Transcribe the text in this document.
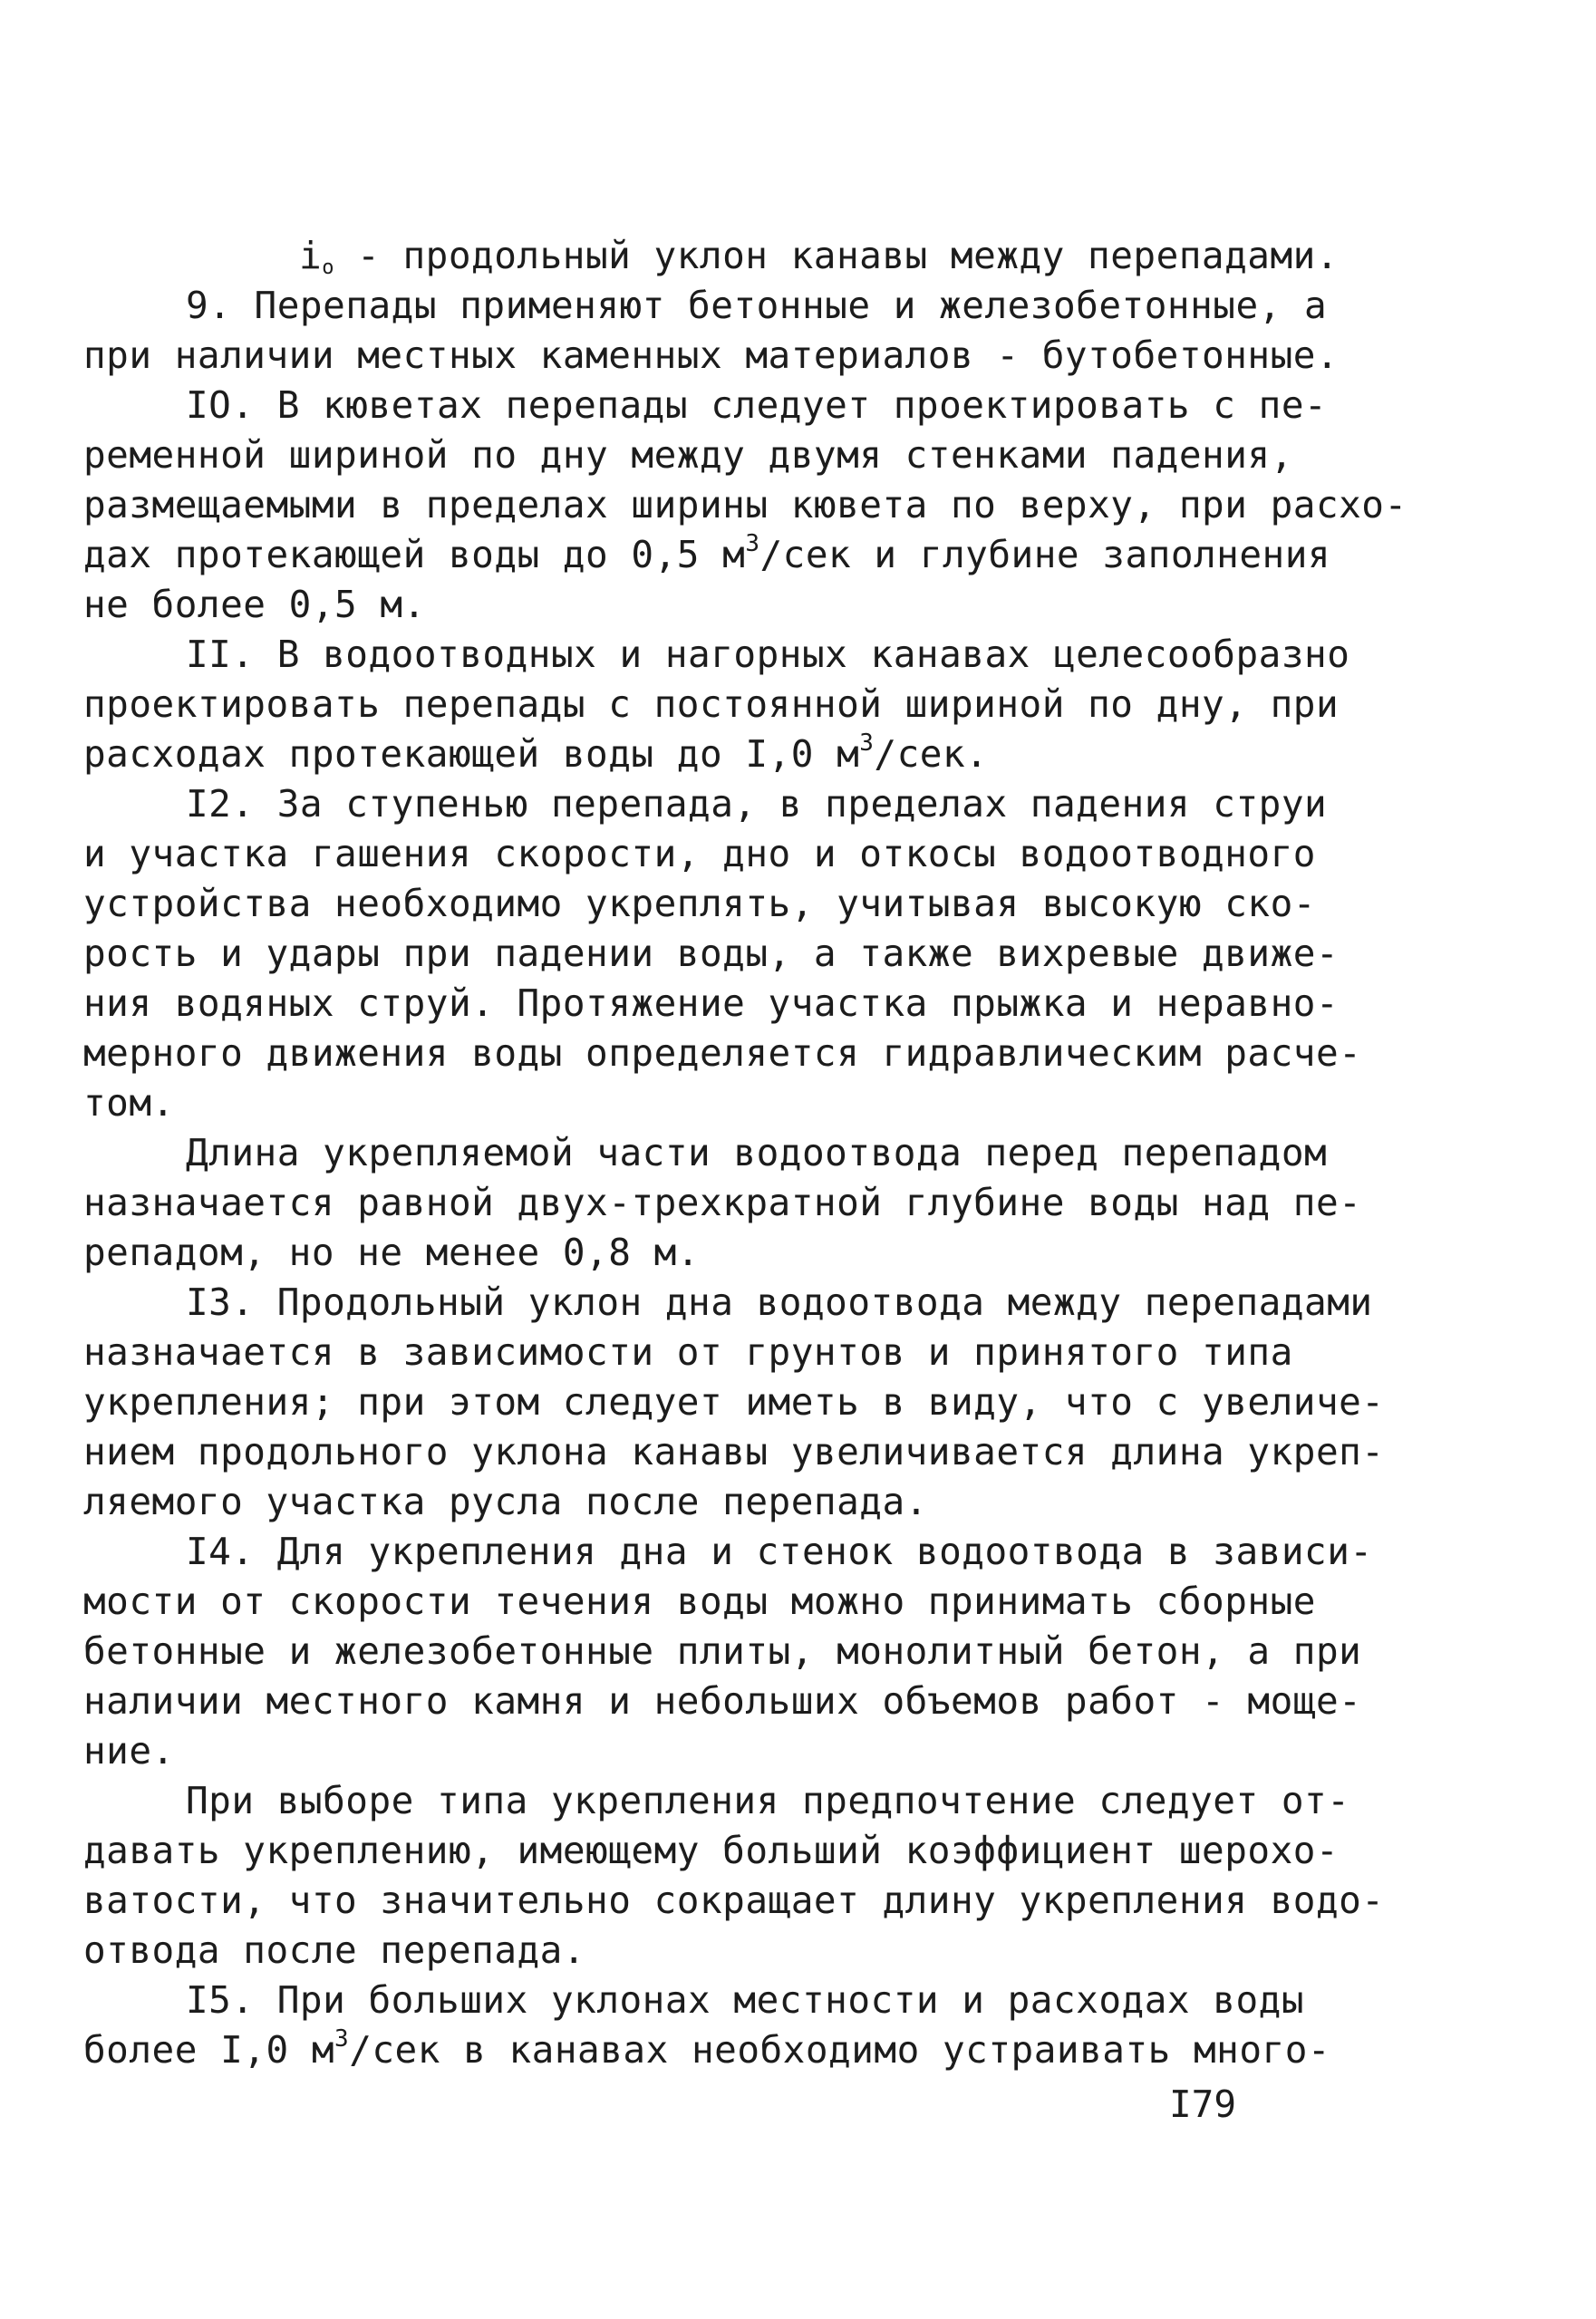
$i_o$ - продольный уклон канавы между перепадами.
9. Перепады применяют бетонные и железобетонные, а
при наличии местных каменных материалов - бутобетонные.
IO. В кюветах перепады следует проектировать с пе-
ременной шириной по дну между двумя стенками падения,
размещаемыми в пределах ширины кювета по верху, при расхо-
дах протекающей воды до 0,5 $м^3$/сек и глубине заполнения
не более 0,5 м.
II. В водоотводных и нагорных канавах целесообразно
проектировать перепады с постоянной шириной по дну, при
расходах протекающей воды до I,0 $м^3$/сек.
I2. За ступенью перепада, в пределах падения струи
и участка гашения скорости, дно и откосы водоотводного
устройства необходимо укреплять, учитывая высокую ско-
рость и удары при падении воды, а также вихревые движе-
ния водяных струй. Протяжение участка прыжка и неравно-
мерного движения воды определяется гидравлическим расче-
том.
Длина укрепляемой части водоотвода перед перепадом
назначается равной двух-трехкратной глубине воды над пе-
репадом, но не менее 0,8 м.
I3. Продольный уклон дна водоотвода между перепадами
назначается в зависимости от грунтов и принятого типа
укрепления; при этом следует иметь в виду, что с увеличе-
нием продольного уклона канавы увеличивается длина укреп-
ляемого участка русла после перепада.
I4. Для укрепления дна и стенок водоотвода в зависи-
мости от скорости течения воды можно принимать сборные
бетонные и железобетонные плиты, монолитный бетон, а при
наличии местного камня и небольших объемов работ - моще-
ние.
При выборе типа укрепления предпочтение следует от-
давать укреплению, имеющему больший коэффициент шерохо-
ватости, что значительно сокращает длину укрепления водо-
отвода после перепада.
I5. При больших уклонах местности и расходах воды
более I,0 $м^3$/сек в канавах необходимо устраивать много-
I79
